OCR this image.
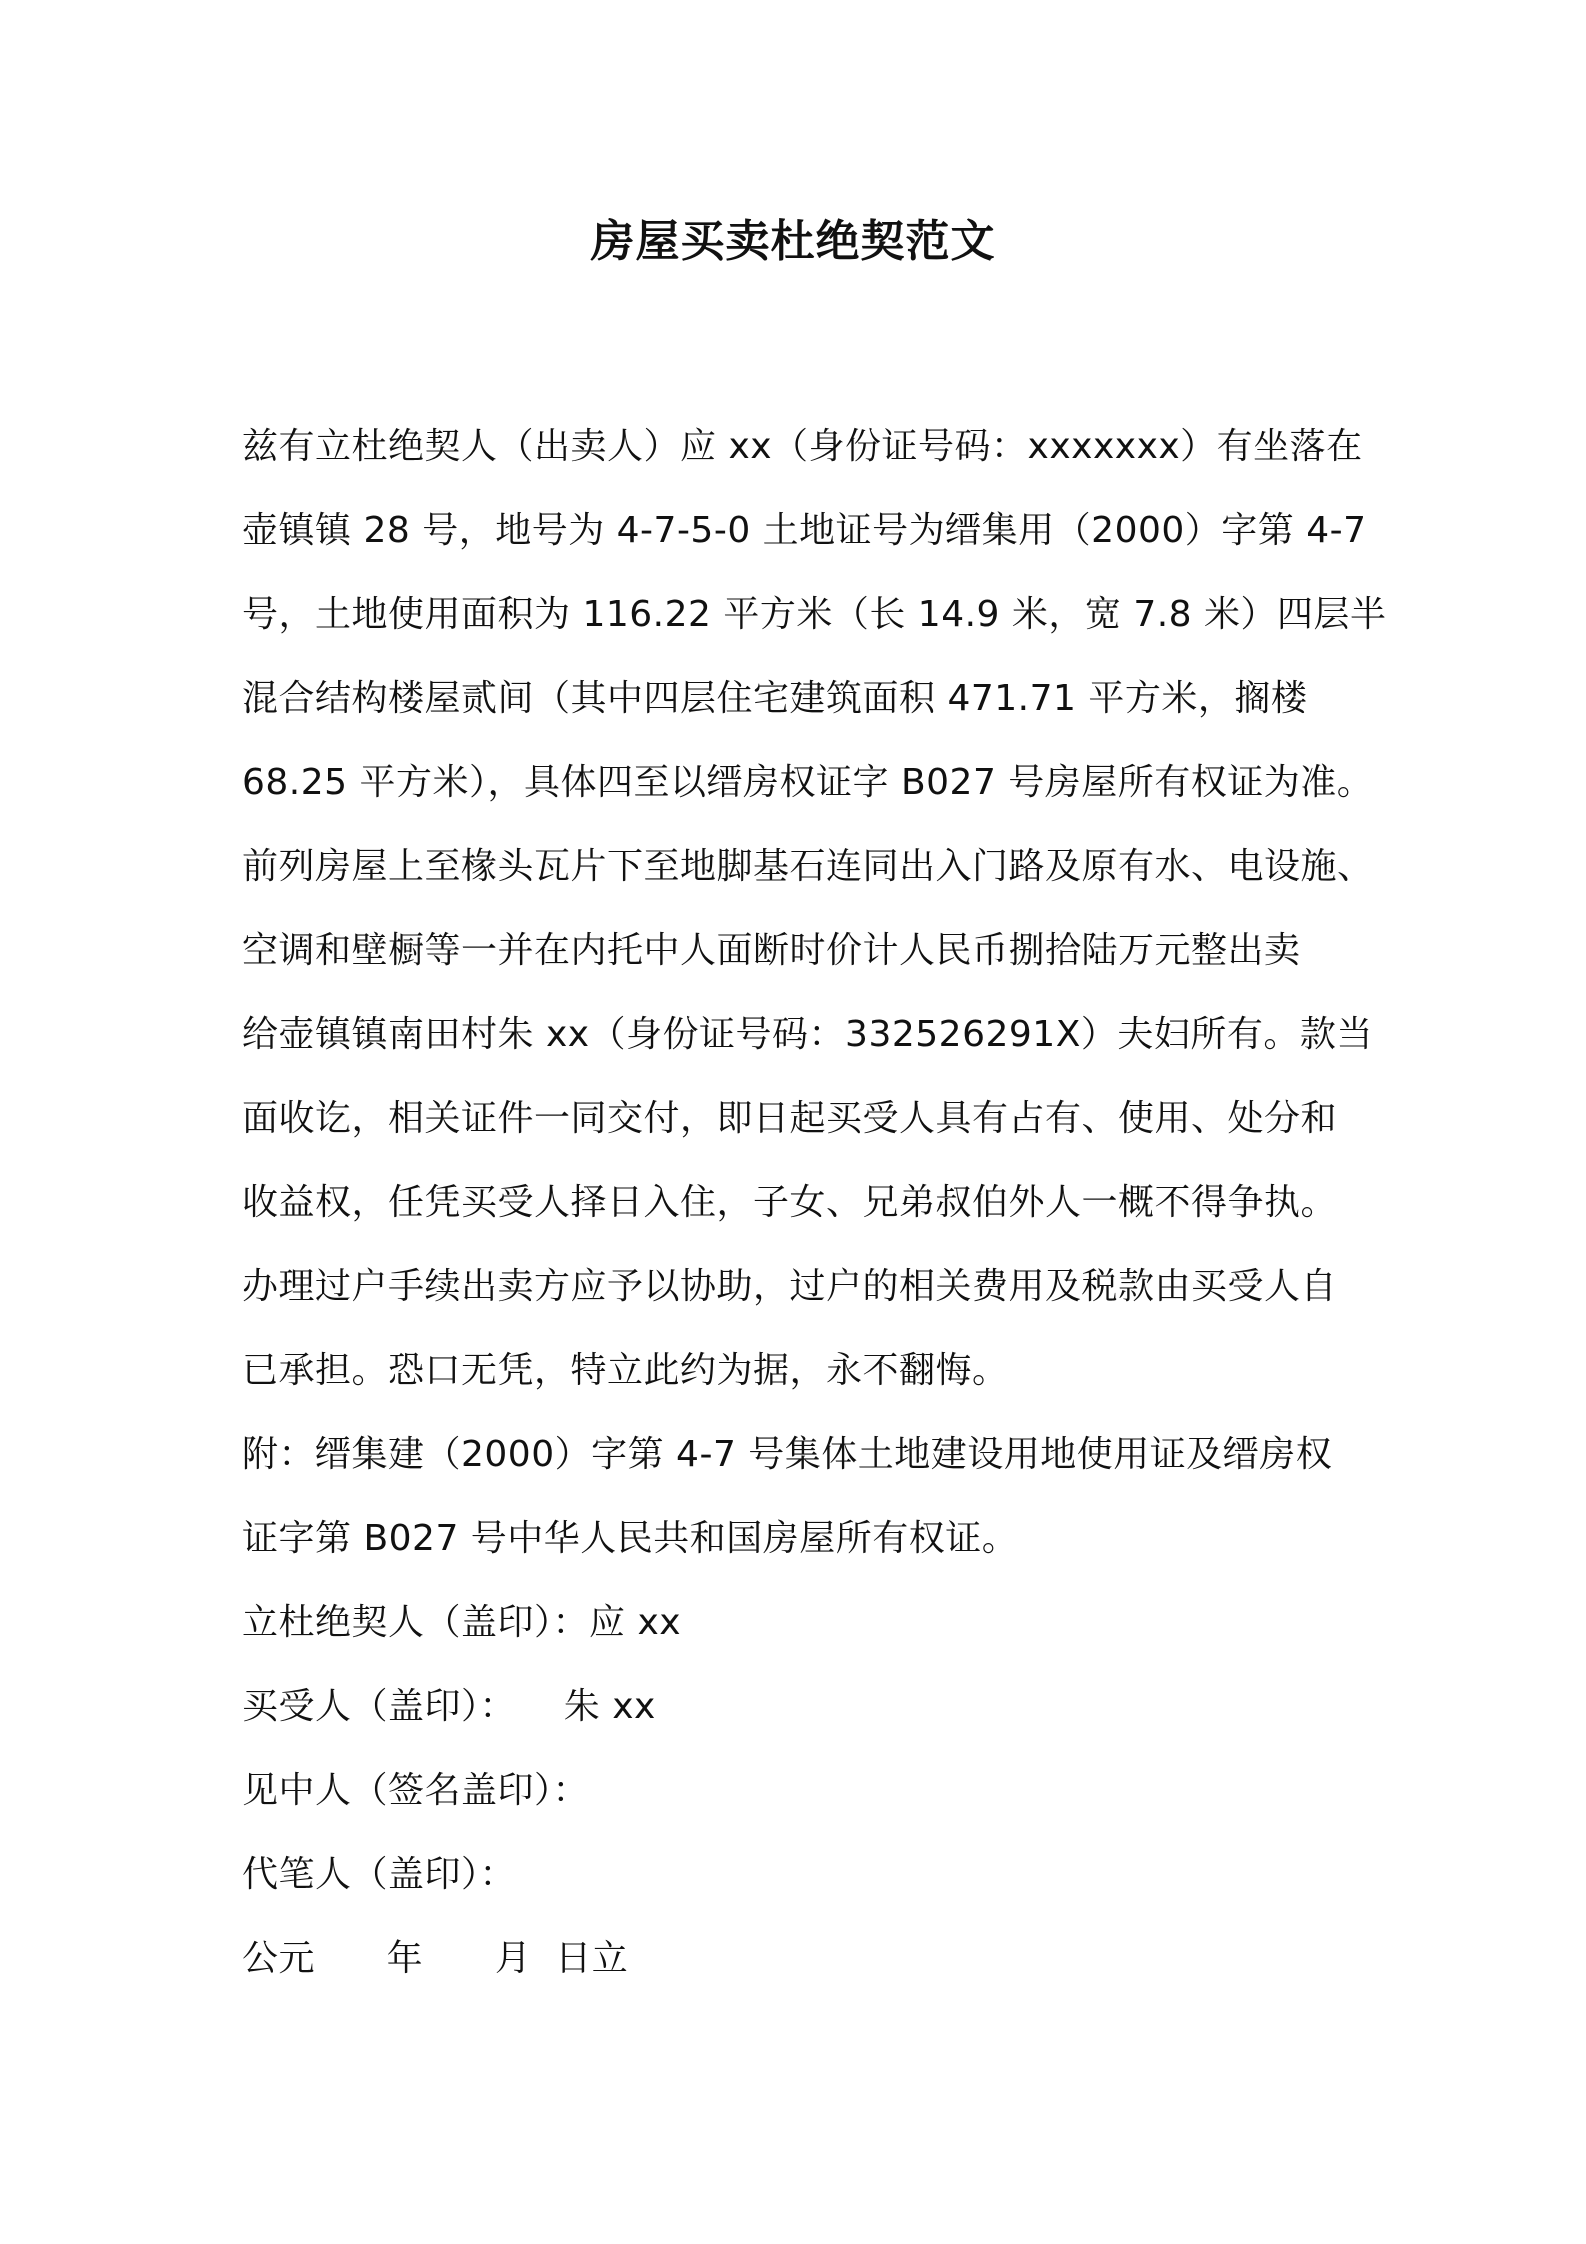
房屋买卖杜绝契范文

兹有立杜绝契人（出卖人）应 xx（身份证号码：xxxxxxx）有坐落在

壶镇镇 28 号，地号为 4-7-5-0 土地证号为缙集用（2000）字第 4-7

号，土地使用面积为 116.22 平方米（长 14.9 米，宽 7.8 米）四层半

混合结构楼屋贰间（其中四层住宅建筑面积 471.71 平方米，搁楼

68.25 平方米），具体四至以缙房权证字 B027 号房屋所有权证为准。

前列房屋上至椽头瓦片下至地脚基石连同出入门路及原有水、电设施、

空调和壁橱等一并在内托中人面断时价计人民币捌拾陆万元整出卖

给壶镇镇南田村朱 xx（身份证号码：332526291X）夫妇所有。款当

面收讫，相关证件一同交付，即日起买受人具有占有、使用、处分和

收益权，任凭买受人择日入住，子女、兄弟叔伯外人一概不得争执。

办理过户手续出卖方应予以协助，过户的相关费用及税款由买受人自

已承担。恐口无凭，特立此约为据，永不翻悔。

附：缙集建（2000）字第 4-7 号集体土地建设用地使用证及缙房权

证字第 B027 号中华人民共和国房屋所有权证。

立杜绝契人（盖印）：应 xx

买受人（盖印）：    朱 xx

见中人（签名盖印）：

代笔人（盖印）：

公元      年      月  日立
